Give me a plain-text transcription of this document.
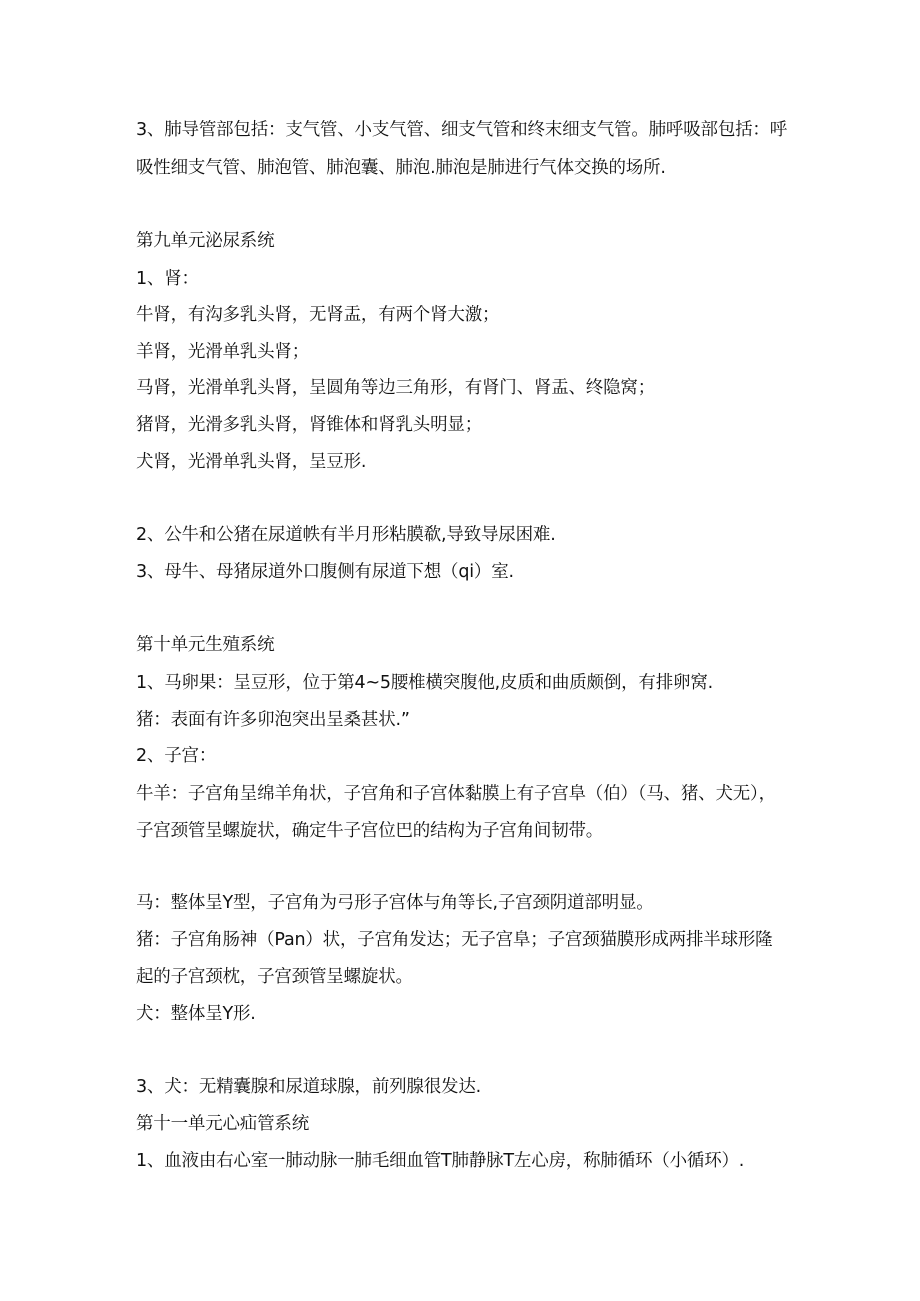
3、肺导管部包括：支气管、小支气管、细支气管和终末细支气管。肺呼吸部包括：呼
吸性细支气管、肺泡管、肺泡囊、肺泡.肺泡是肺进行气体交换的场所.
第九单元泌尿系统
1、肾：
牛肾，有沟多乳头肾，无肾盂，有两个肾大激；
羊肾，光滑单乳头肾；
马肾，光滑单乳头肾，呈圆角等边三角形，有肾门、肾盂、终隐窝；
猪肾，光滑多乳头肾，肾锥体和肾乳头明显；
犬肾，光滑单乳头肾，呈豆形.
2、公牛和公猪在尿道帙有半月形粘膜欷,导致导尿困难.
3、母牛、母猪尿道外口腹侧有尿道下想（qi）室.
第十单元生殖系统
1、马卵果：呈豆形，位于第4~5腰椎横突腹他,皮质和曲质颇倒，有排卵窝.
猪：表面有许多卯泡突出呈桑甚状.”
2、子宫：
牛羊：子宫角呈绵羊角状，子宫角和子宫体黏膜上有子宫阜（伯）（马、猪、犬无），
子宫颈管呈螺旋状，确定牛子宫位巴的结构为子宫角间韧带。
马：整体呈Y型，子宫角为弓形子宫体与角等长,子宫颈阴道部明显。
猪：子宫角肠神（Pan）状，子宫角发达；无子宫阜；子宫颈猫膜形成两排半球形隆
起的子宫颈枕，子宫颈管呈螺旋状。
犬：整体呈Y形.
3、犬：无精囊腺和尿道球腺，前列腺很发达.
第十一单元心疝管系统
1、血液由右心室一肺动脉一肺毛细血管T肺静脉T左心房，称肺循环（小循环）.
